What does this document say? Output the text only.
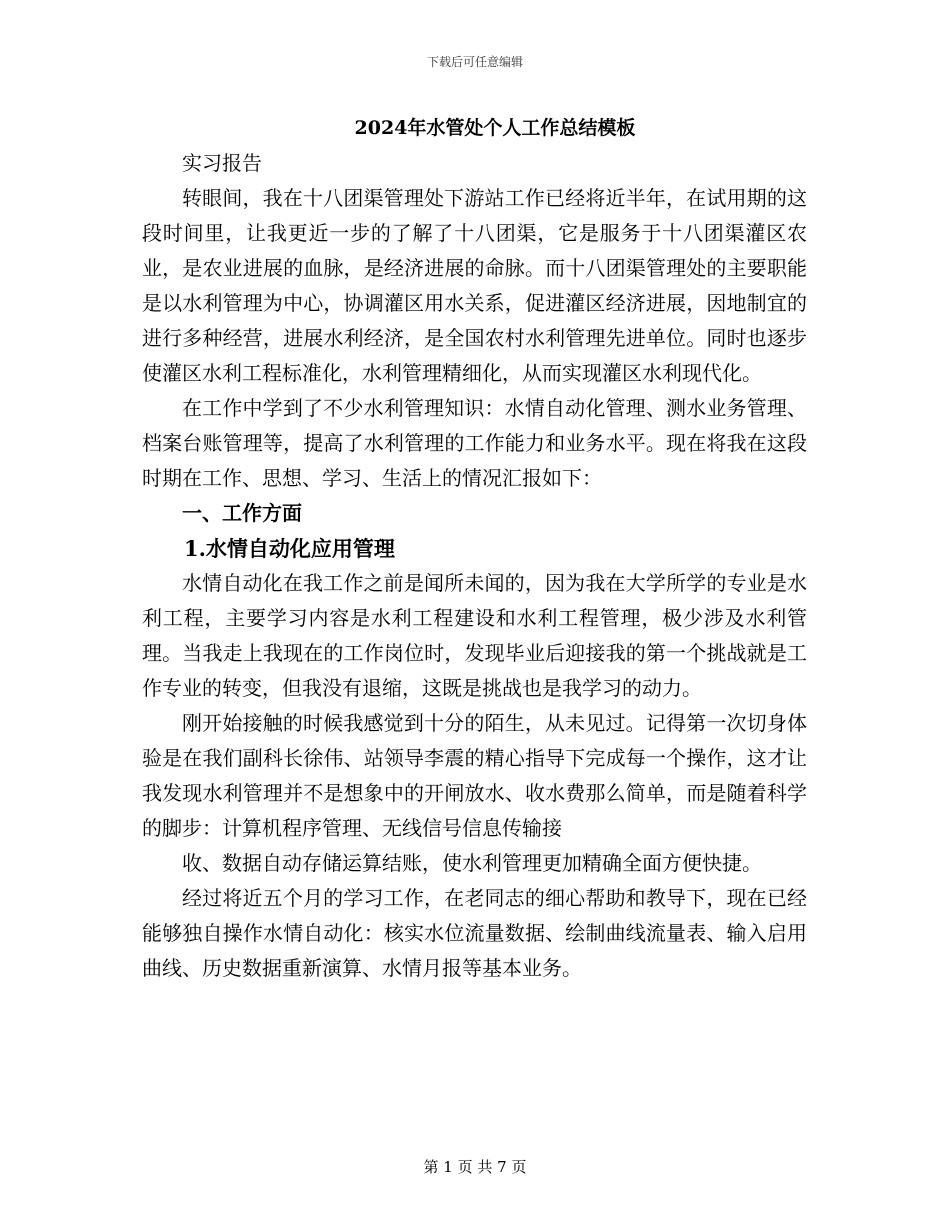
下载后可任意编辑
2024年水管处个人工作总结模板

实习报告

转眼间，我在十八团渠管理处下游站工作已经将近半年，在试用期的这段时间里，让我更近一步的了解了十八团渠，它是服务于十八团渠灌区农业，是农业进展的血脉，是经济进展的命脉。而十八团渠管理处的主要职能是以水利管理为中心，协调灌区用水关系，促进灌区经济进展，因地制宜的进行多种经营，进展水利经济，是全国农村水利管理先进单位。同时也逐步使灌区水利工程标准化，水利管理精细化，从而实现灌区水利现代化。

在工作中学到了不少水利管理知识：水情自动化管理、测水业务管理、档案台账管理等，提高了水利管理的工作能力和业务水平。现在将我在这段时期在工作、思想、学习、生活上的情况汇报如下：

一、工作方面

1.水情自动化应用管理

水情自动化在我工作之前是闻所未闻的，因为我在大学所学的专业是水利工程，主要学习内容是水利工程建设和水利工程管理，极少涉及水利管理。当我走上我现在的工作岗位时，发现毕业后迎接我的第一个挑战就是工作专业的转变，但我没有退缩，这既是挑战也是我学习的动力。

刚开始接触的时候我感觉到十分的陌生，从未见过。记得第一次切身体验是在我们副科长徐伟、站领导李震的精心指导下完成每一个操作，这才让我发现水利管理并不是想象中的开闸放水、收水费那么简单，而是随着科学的脚步：计算机程序管理、无线信号信息传输接

收、数据自动存储运算结账，使水利管理更加精确全面方便快捷。

经过将近五个月的学习工作，在老同志的细心帮助和教导下，现在已经能够独自操作水情自动化：核实水位流量数据、绘制曲线流量表、输入启用曲线、历史数据重新演算、水情月报等基本业务。

第 1 页 共 7 页
